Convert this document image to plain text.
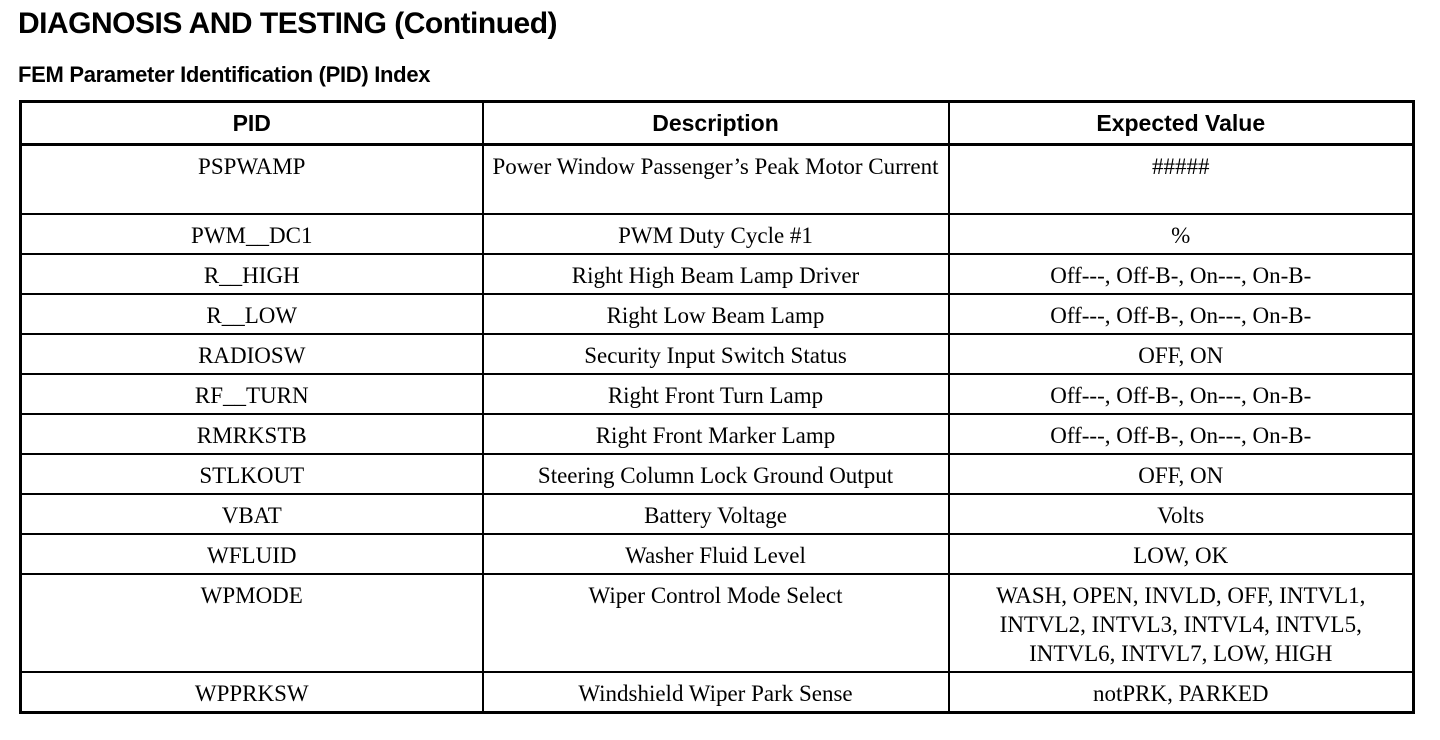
DIAGNOSIS AND TESTING (Continued)
FEM Parameter Identification (PID) Index
PID	Description	Expected Value
PSPWAMP	Power Window Passenger’s Peak Motor Current	#####
PWM__DC1	PWM Duty Cycle #1	%
R__HIGH	Right High Beam Lamp Driver	Off---, Off-B-, On---, On-B-
R__LOW	Right Low Beam Lamp	Off---, Off-B-, On---, On-B-
RADIOSW	Security Input Switch Status	OFF, ON
RF__TURN	Right Front Turn Lamp	Off---, Off-B-, On---, On-B-
RMRKSTB	Right Front Marker Lamp	Off---, Off-B-, On---, On-B-
STLKOUT	Steering Column Lock Ground Output	OFF, ON
VBAT	Battery Voltage	Volts
WFLUID	Washer Fluid Level	LOW, OK
WPMODE	Wiper Control Mode Select	WASH, OPEN, INVLD, OFF, INTVL1, INTVL2, INTVL3, INTVL4, INTVL5, INTVL6, INTVL7, LOW, HIGH
WPPRKSW	Windshield Wiper Park Sense	notPRK, PARKED
